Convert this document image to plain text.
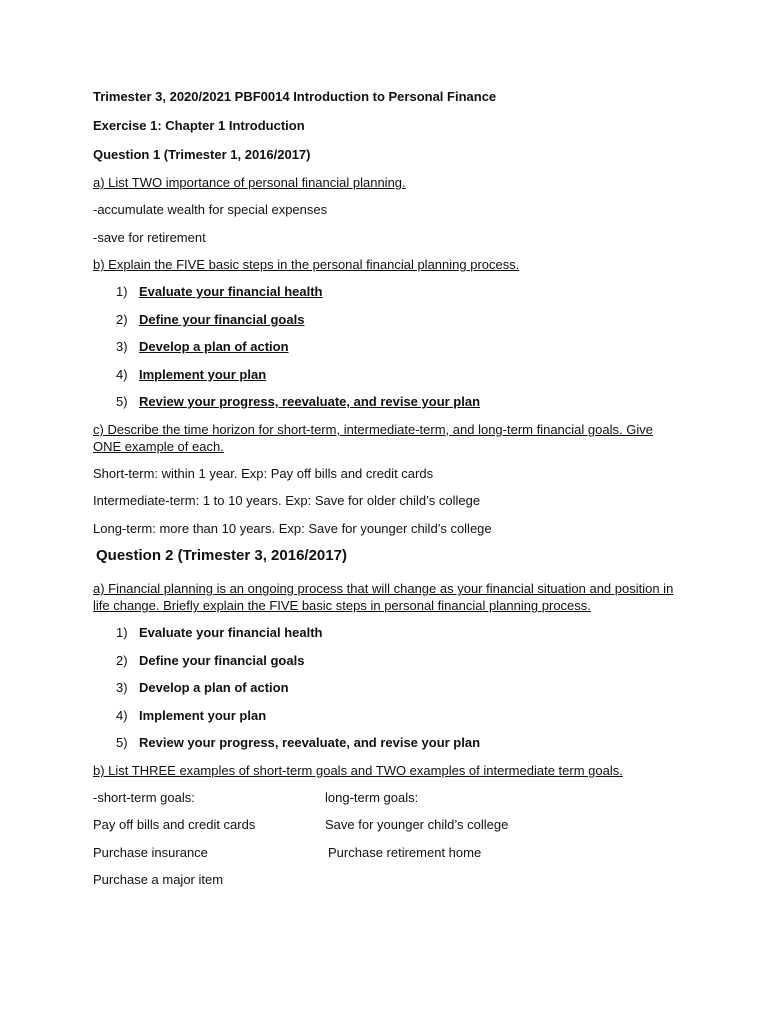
Trimester 3, 2020/2021 PBF0014 Introduction to Personal Finance
Exercise 1: Chapter 1 Introduction
Question 1 (Trimester 1, 2016/2017)
a) List TWO importance of personal financial planning.
-accumulate wealth for special expenses
-save for retirement
b) Explain the FIVE basic steps in the personal financial planning process.
1) Evaluate your financial health
2) Define your financial goals
3) Develop a plan of action
4) Implement your plan
5) Review your progress, reevaluate, and revise your plan
c) Describe the time horizon for short-term, intermediate-term, and long-term financial goals. Give
ONE example of each.
Short-term: within 1 year. Exp: Pay off bills and credit cards
Intermediate-term: 1 to 10 years. Exp: Save for older child’s college
Long-term: more than 10 years. Exp: Save for younger child’s college
Question 2 (Trimester 3, 2016/2017)
a) Financial planning is an ongoing process that will change as your financial situation and position in
life change. Briefly explain the FIVE basic steps in personal financial planning process.
1) Evaluate your financial health
2) Define your financial goals
3) Develop a plan of action
4) Implement your plan
5) Review your progress, reevaluate, and revise your plan
b) List THREE examples of short-term goals and TWO examples of intermediate term goals.
-short-term goals:	long-term goals:
Pay off bills and credit cards	Save for younger child’s college
Purchase insurance	Purchase retirement home
Purchase a major item
